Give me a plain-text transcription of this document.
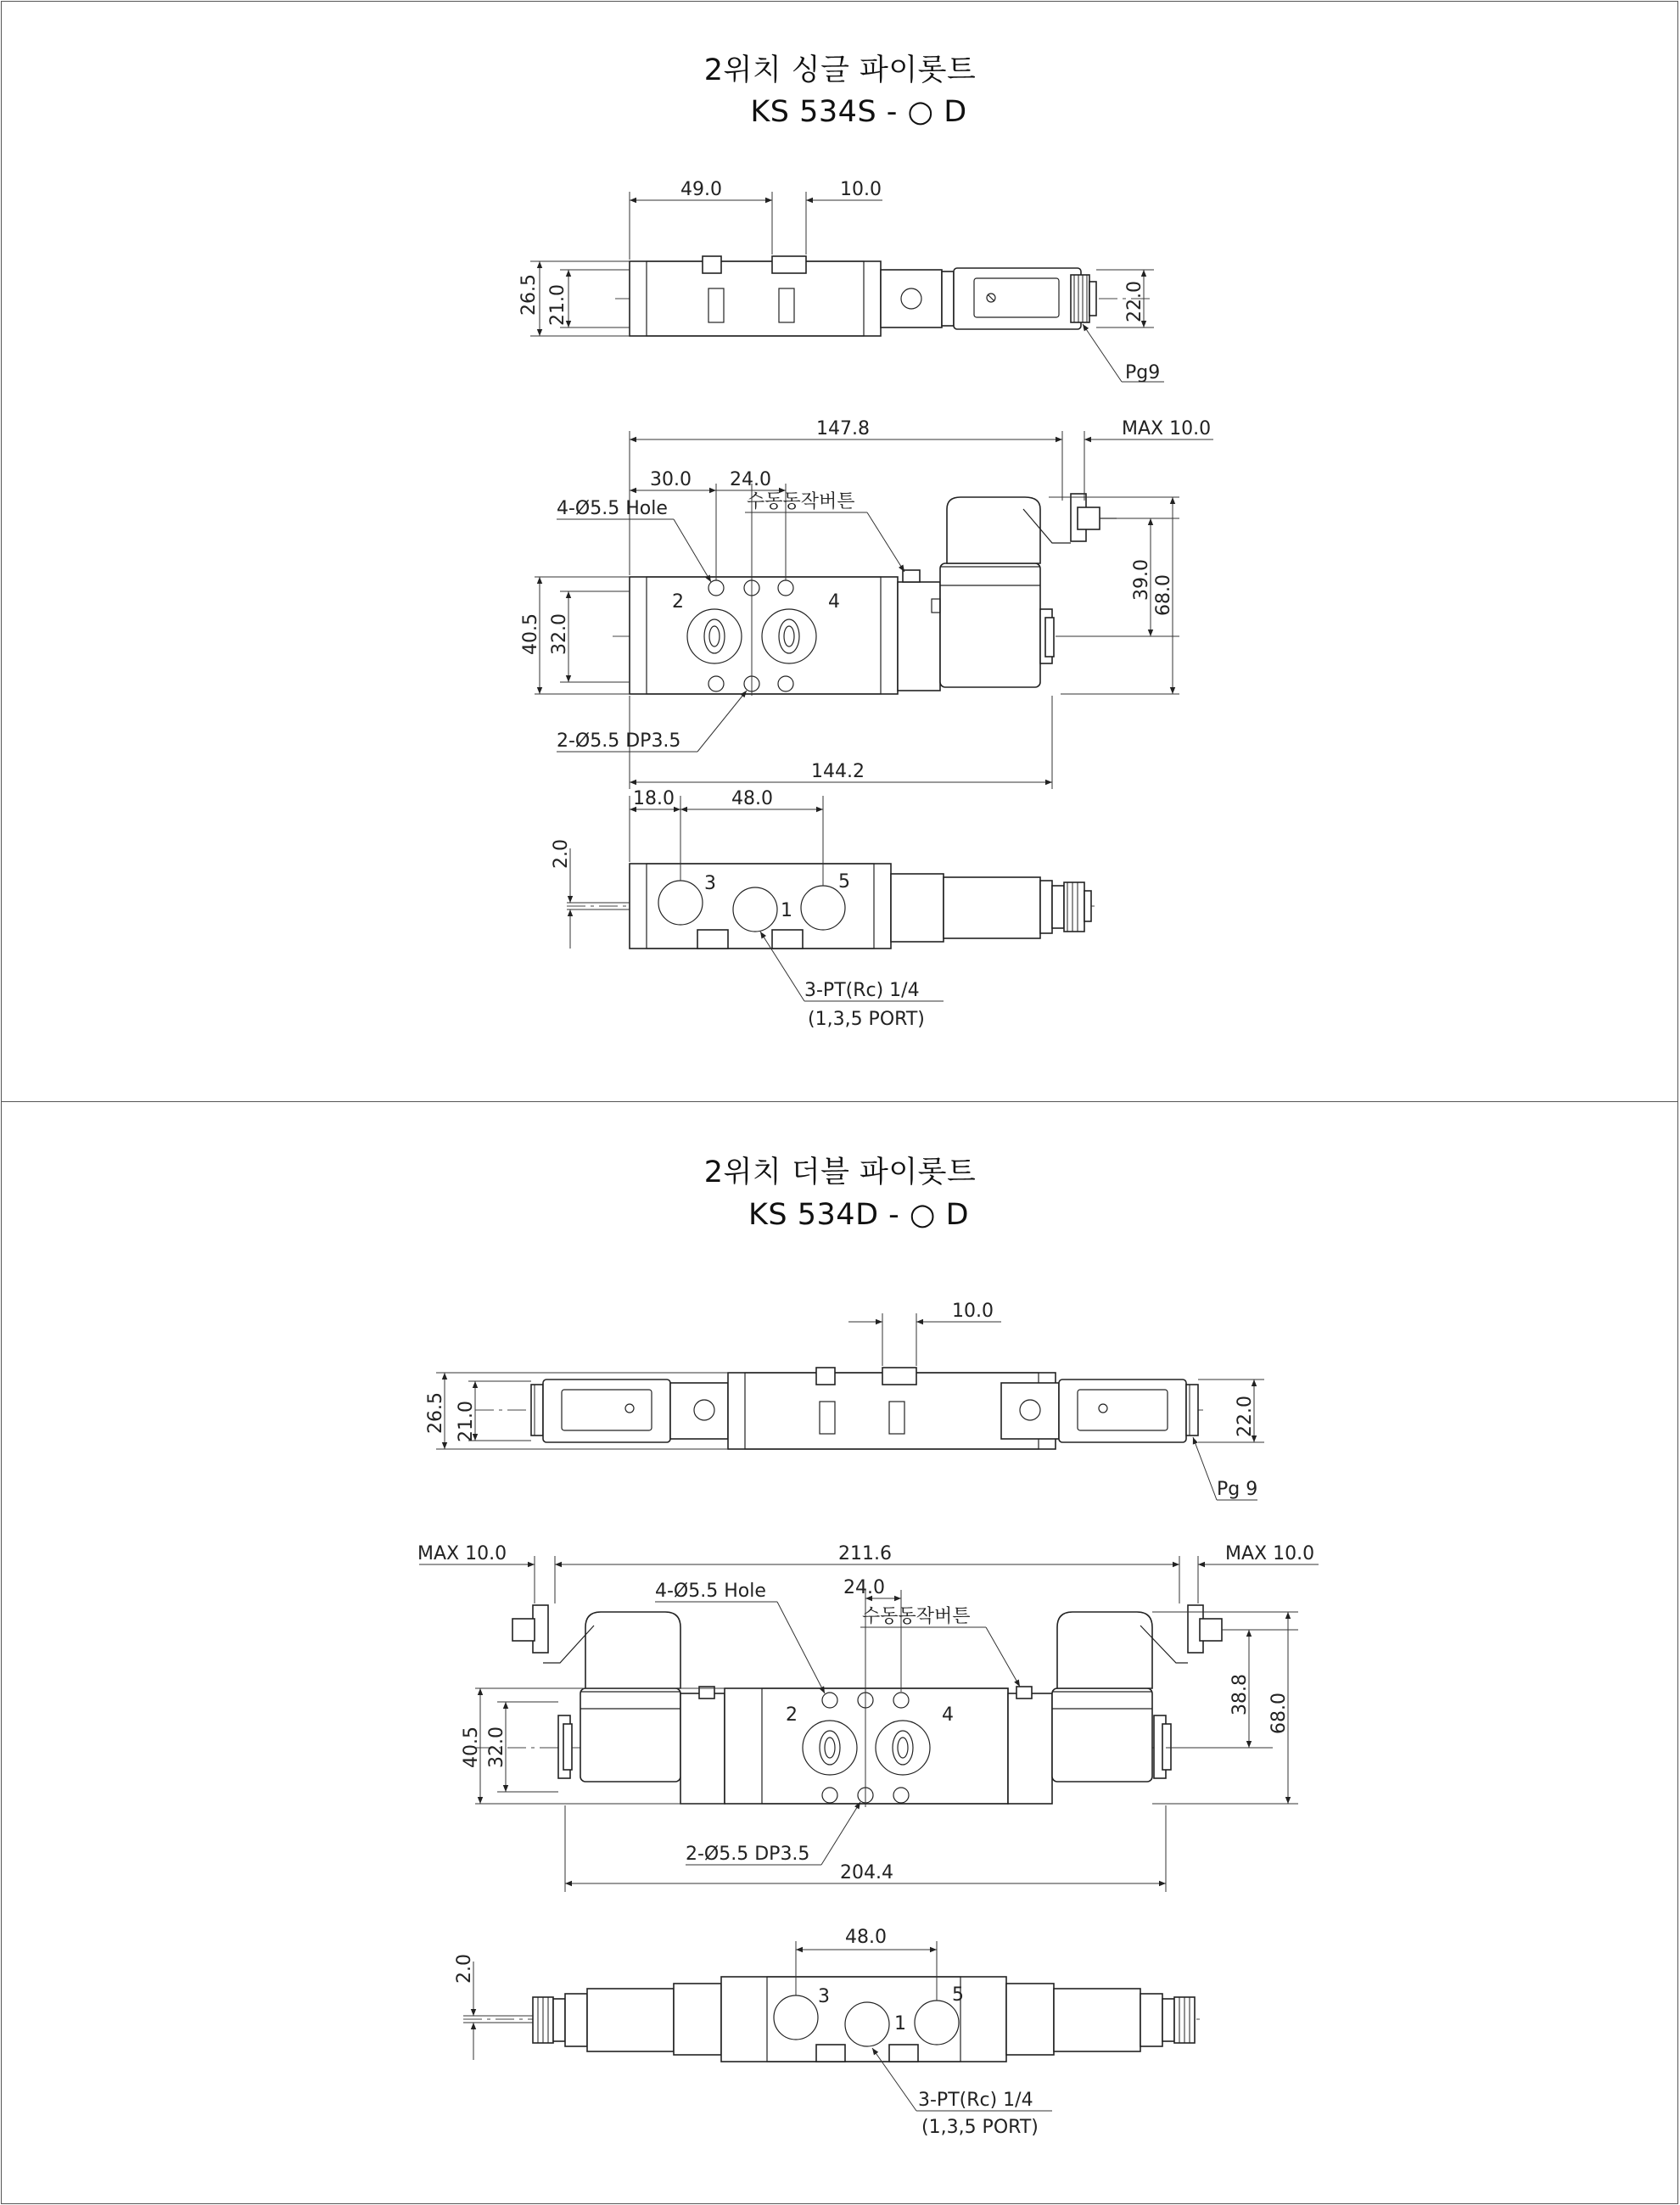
2위치 싱글 파이롯트
KS 534S - ○ D
2위치 더블 파이롯트
KS 534D - ○ D
49.0	10.0
26.5 21.0	22.0
Pg9
2	4
147.8	MAX 10.0
30.0 24.0
40.5 32.0
39.0 68.0
144.2
4-Ø5.5 Hole	수동동작버튼
2-Ø5.5 DP3.5
3
1
5
18.0	48.0
2.0
3-PT(Rc) 1/4
(1,3,5 PORT)
10.0
26.5 21.0	22.0
Pg 9
2	4
MAX 10.0	211.6	MAX 10.0
24.0
40.5 32.0
38.8 68.0
204.4
4-Ø5.5 Hole
수동동작버튼
2-Ø5.5 DP3.5
3
1
5
48.0
2.0
3-PT(Rc) 1/4
(1,3,5 PORT)
